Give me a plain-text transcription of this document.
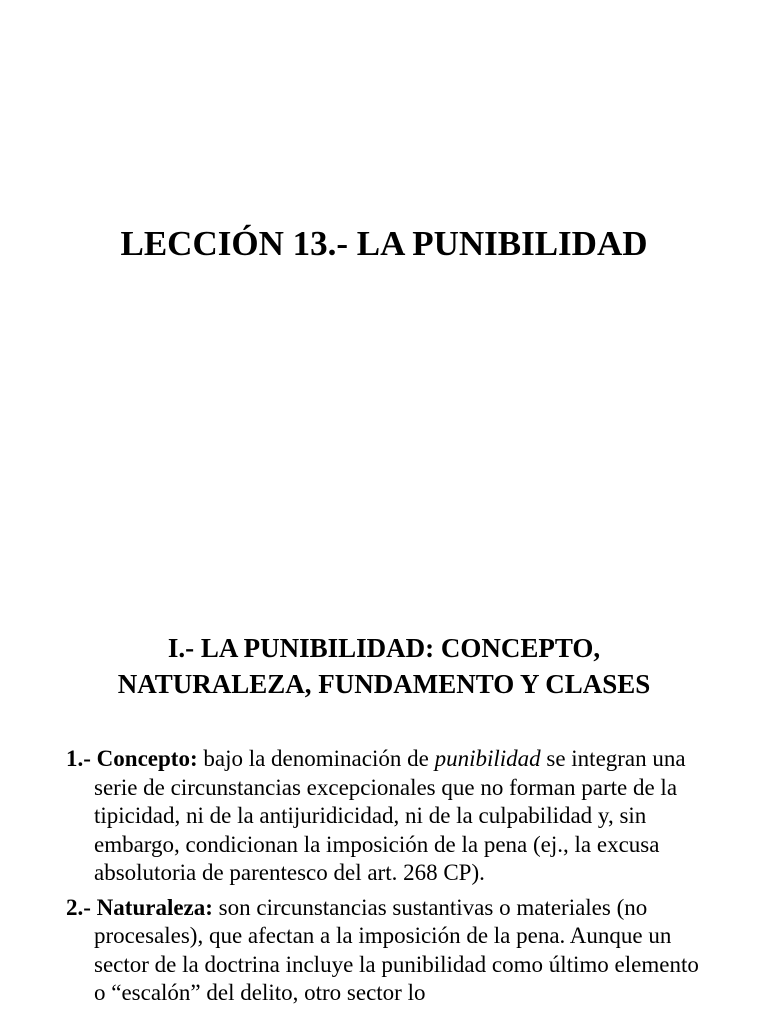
LECCIÓN 13.- LA PUNIBILIDAD
I.- LA PUNIBILIDAD: CONCEPTO,
NATURALEZA, FUNDAMENTO Y CLASES
1.- Concepto: bajo la denominación de punibilidad se integran una serie de circunstancias excepcionales que no forman parte de la tipicidad, ni de la antijuridicidad, ni de la culpabilidad y, sin embargo, condicionan la imposición de la pena (ej., la excusa absolutoria de parentesco del art. 268 CP).
2.- Naturaleza: son circunstancias sustantivas o materiales (no procesales), que afectan a la imposición de la pena. Aunque un sector de la doctrina incluye la punibilidad como último elemento o “escalón” del delito, otro sector lo
